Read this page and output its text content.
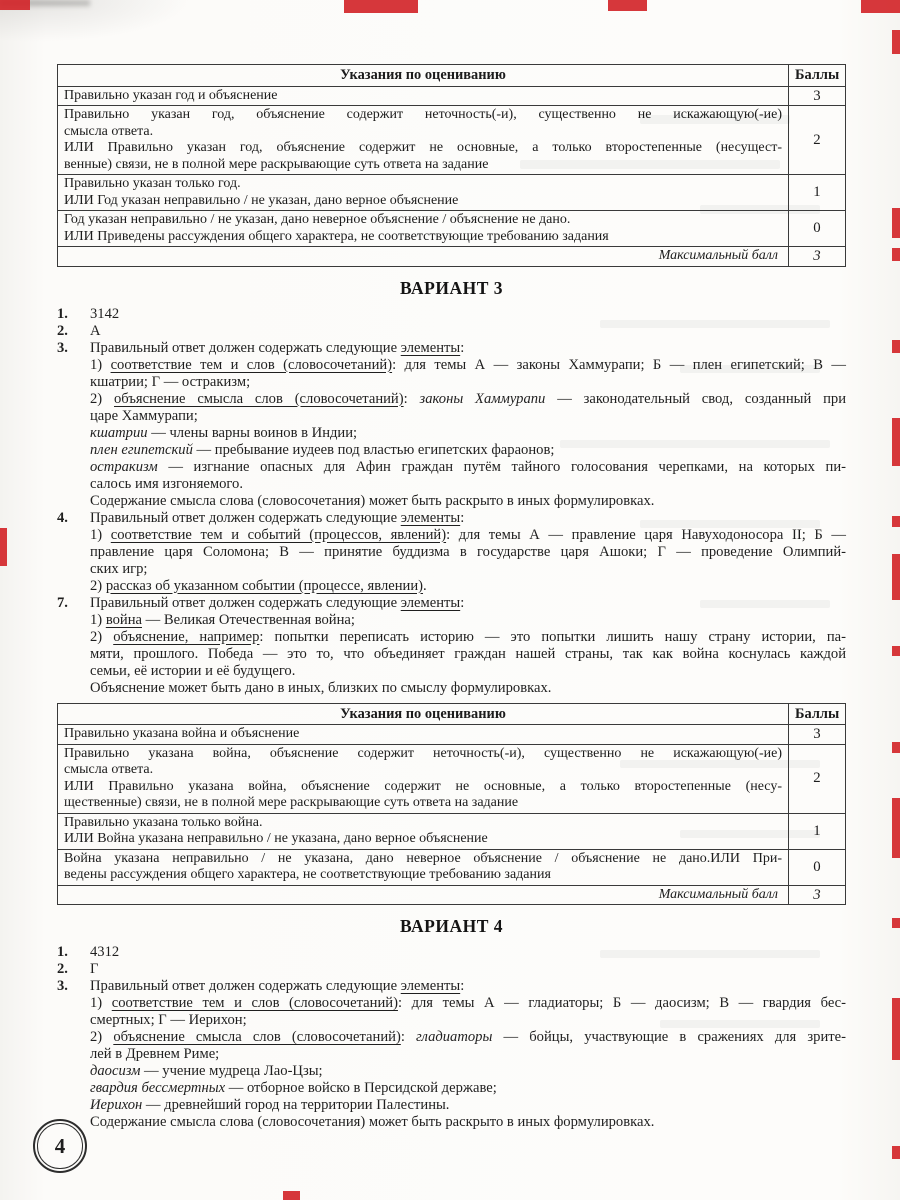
Указания по оцениванию	Баллы

Правильно указан год и объяснение	3

Правильно указан год, объяснение содержит неточность(-и), существенно не искажающую(-ие)
смысла ответа.
ИЛИ Правильно указан год, объяснение содержит не основные, а только второстепенные (несущест-
венные) связи, не в полной мере раскрывающие суть ответа на задание	2

Правильно указан только год.
ИЛИ Год указан неправильно / не указан, дано верное объяснение	1

Год указан неправильно / не указан, дано неверное объяснение / объяснение не дано.
ИЛИ Приведены рассуждения общего характера, не соответствующие требованию задания	0
Максимальный балл	3
ВАРИАНТ 3
1.	3142
2.	А
3.	Правильный ответ должен содержать следующие элементы:
1) соответствие тем и слов (словосочетаний): для темы А — законы Хаммурапи; Б — плен египетский; В —
кшатрии; Г — остракизм;
2) объяснение смысла слов (словосочетаний): законы Хаммурапи — законодательный свод, созданный при
царе Хаммурапи;
кшатрии — члены варны воинов в Индии;
плен египетский — пребывание иудеев под властью египетских фараонов;
остракизм — изгнание опасных для Афин граждан путём тайного голосования черепками, на которых пи-
салось имя изгоняемого.
Содержание смысла слова (словосочетания) может быть раскрыто в иных формулировках.
4.	Правильный ответ должен содержать следующие элементы:
1) соответствие тем и событий (процессов, явлений): для темы А — правление царя Навуходоносора II; Б —
правление царя Соломона; В — принятие буддизма в государстве царя Ашоки; Г — проведение Олимпий-
ских игр;
2) рассказ об указанном событии (процессе, явлении).
7.	Правильный ответ должен содержать следующие элементы:
1) война — Великая Отечественная война;
2) объяснение, например: попытки переписать историю — это попытки лишить нашу страну истории, па-
мяти, прошлого. Победа — это то, что объединяет граждан нашей страны, так как война коснулась каждой
семьи, её истории и её будущего.
Объяснение может быть дано в иных, близких по смыслу формулировках.
Указания по оцениванию	Баллы

Правильно указана война и объяснение	3

Правильно указана война, объяснение содержит неточность(-и), существенно не искажающую(-ие)
смысла ответа.
ИЛИ Правильно указана война, объяснение содержит не основные, а только второстепенные (несу-
щественные) связи, не в полной мере раскрывающие суть ответа на задание	2

Правильно указана только война.
ИЛИ Война указана неправильно / не указана, дано верное объяснение	1

Война указана неправильно / не указана, дано неверное объяснение / объяснение не дано.ИЛИ При-
ведены рассуждения общего характера, не соответствующие требованию задания	0
Максимальный балл	3
ВАРИАНТ 4
1.	4312
2.	Г
3.	Правильный ответ должен содержать следующие элементы:
1) соответствие тем и слов (словосочетаний): для темы А — гладиаторы; Б — даосизм; В — гвардия бес-
смертных; Г — Иерихон;
2) объяснение смысла слов (словосочетаний): гладиаторы — бойцы, участвующие в сражениях для зрите-
лей в Древнем Риме;
даосизм — учение мудреца Лао-Цзы;
гвардия бессмертных — отборное войско в Персидской державе;
Иерихон — древнейший город на территории Палестины.
Содержание смысла слова (словосочетания) может быть раскрыто в иных формулировках.
4
